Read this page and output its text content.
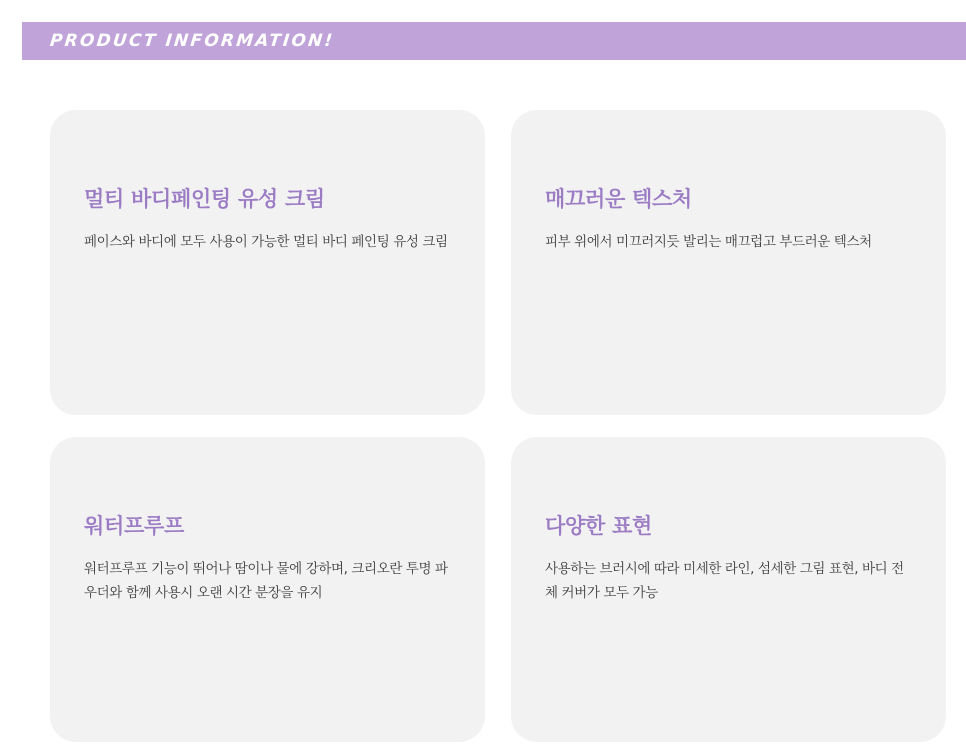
PRODUCT INFORMATION!
멀티 바디페인팅 유성 크림

페이스와 바디에 모두 사용이 가능한 멀티 바디 페인팅 유성 크림

매끄러운 텍스처

피부 위에서 미끄러지듯 발리는 매끄럽고 부드러운 텍스처

워터프루프

워터프루프 기능이 뛰어나 땀이나 물에 강하며, 크리오란 투명 파우더와 함께 사용시 오랜 시간 분장을 유지

다양한 표현

사용하는 브러시에 따라 미세한 라인, 섬세한 그림 표현, 바디 전체 커버가 모두 가능
